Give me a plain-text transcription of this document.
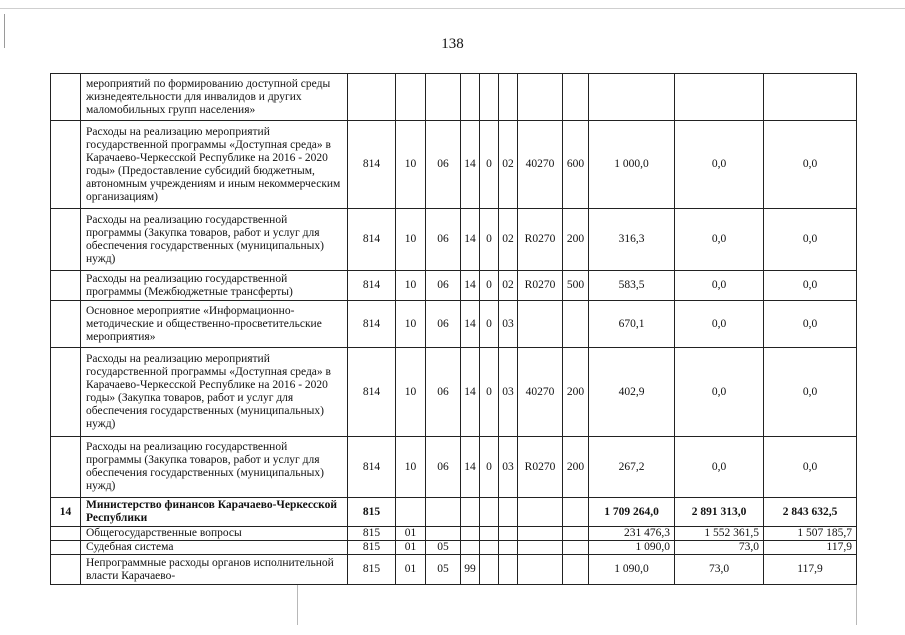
138
	мероприятий по формированию доступной среды жизнедеятельности для инвалидов и других маломобильных групп населения»											
	Расходы на реализацию мероприятий государственной программы «Доступная среда» в Карачаево-Черкесской Республике на 2016 - 2020 годы» (Предоставление субсидий бюджетным, автономным учреждениям и иным некоммерческим организациям)	814	10	06	14	0	02	40270	600	1 000,0	0,0	0,0
	Расходы на реализацию государственной программы (Закупка товаров, работ и услуг для обеспечения государственных (муниципальных) нужд)	814	10	06	14	0	02	R0270	200	316,3	0,0	0,0
	Расходы на реализацию государственной программы (Межбюджетные трансферты)	814	10	06	14	0	02	R0270	500	583,5	0,0	0,0
	Основное мероприятие «Информационно-методические и общественно-просветительские мероприятия»	814	10	06	14	0	03			670,1	0,0	0,0
	Расходы на реализацию мероприятий государственной программы «Доступная среда» в Карачаево-Черкесской Республике на 2016 - 2020 годы» (Закупка товаров, работ и услуг для обеспечения государственных (муниципальных) нужд)	814	10	06	14	0	03	40270	200	402,9	0,0	0,0
	Расходы на реализацию государственной программы (Закупка товаров, работ и услуг для обеспечения государственных (муниципальных) нужд)	814	10	06	14	0	03	R0270	200	267,2	0,0	0,0
14	Министерство финансов Карачаево-Черкесской Республики	815								1 709 264,0	2 891 313,0	2 843 632,5
	Общегосударственные вопросы	815	01							231 476,3	1 552 361,5	1 507 185,7
	Судебная система	815	01	05						1 090,0	73,0	117,9
	Непрограммные расходы органов исполнительной власти Карачаево-	815	01	05	99					1 090,0	73,0	117,9
